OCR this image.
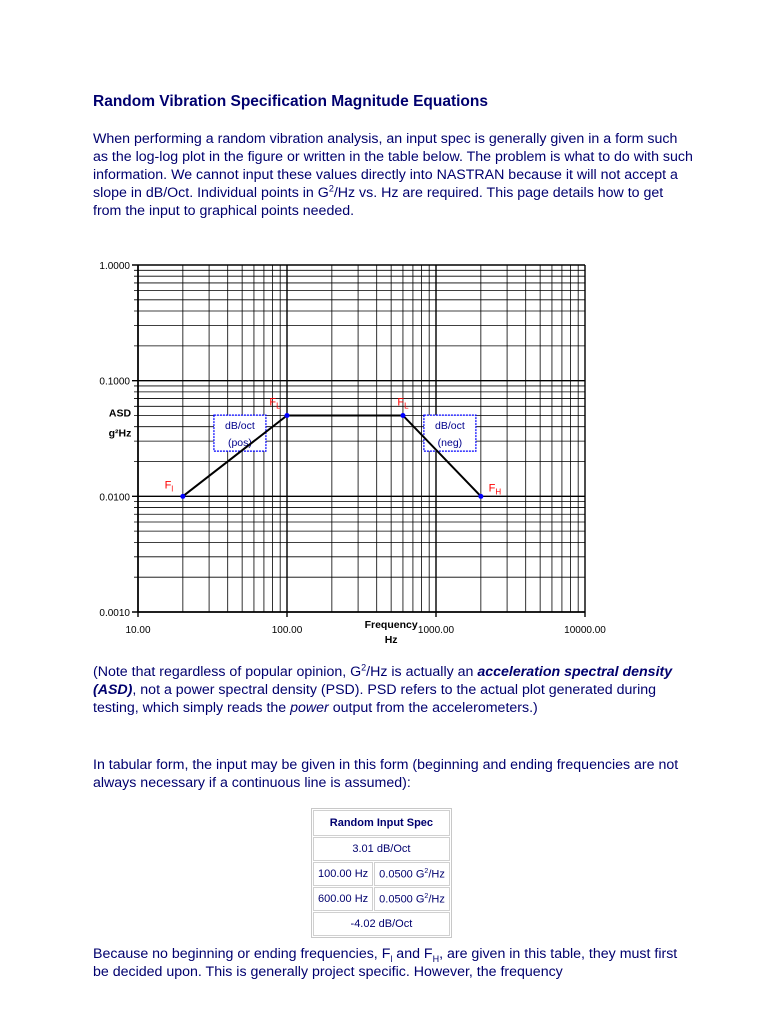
Random Vibration Specification Magnitude Equations

When performing a random vibration analysis, an input spec is generally given in a form such as the log-log plot in the figure or written in the table below. The problem is what to do with such information. We cannot input these values directly into NASTRAN because it will not accept a slope in dB/Oct. Individual points in $G^2/Hz$ vs. Hz are required. This page details how to get from the input to graphical points needed.

10.00	100.00	1000.00	10000.00
1.0000
0.1000
0.0100
0.0010
Frequency
Hz
ASD
g²Hz
dB/oct
(pos)
dB/oct
(neg)
$F_l$
$F_L$	$F_L$
$F_H$

(Note that regardless of popular opinion, $G^2/Hz$ is actually an acceleration spectral density (ASD), not a power spectral density (PSD). PSD refers to the actual plot generated during testing, which simply reads the power output from the accelerometers.)

In tabular form, the input may be given in this form (beginning and ending frequencies are not always necessary if a continuous line is assumed):

Random Input Spec	
3.01 dB/Oct	
100.00 Hz	0.0500 $G^2/Hz$
600.00 Hz	0.0500 $G^2/Hz$
-4.02 dB/Oct	

Because no beginning or ending frequencies, $F_l$ and $F_H$, are given in this table, they must first be decided upon. This is generally project specific. However, the frequency
